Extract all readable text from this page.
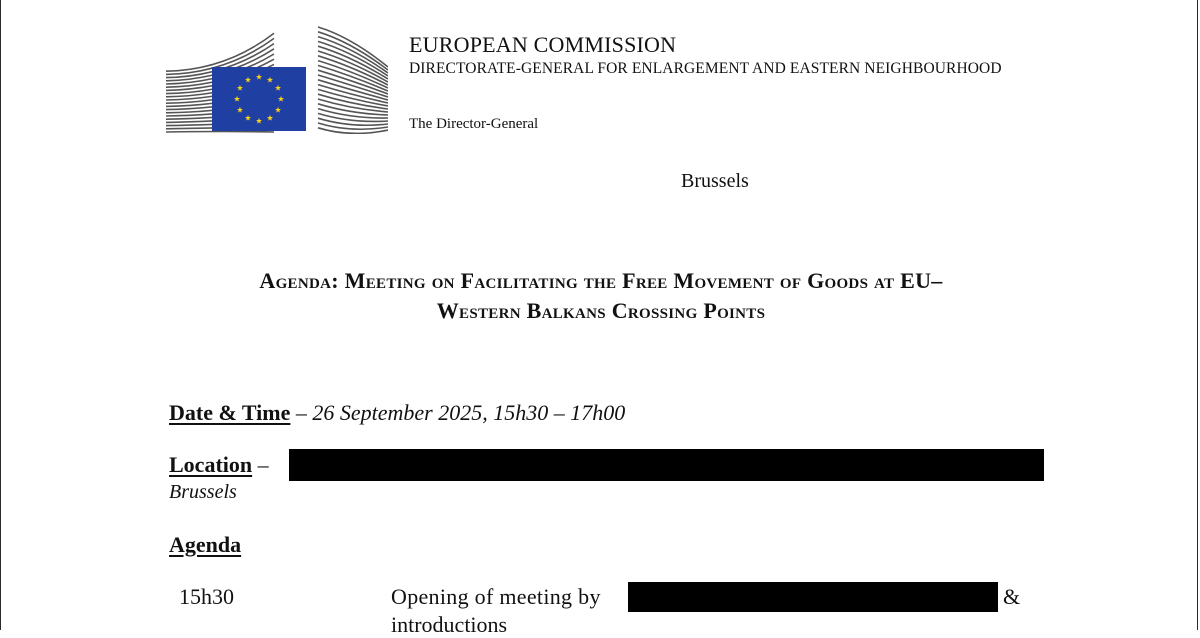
EUROPEAN COMMISSION
DIRECTORATE-GENERAL FOR ENLARGEMENT AND EASTERN NEIGHBOURHOOD
The Director-General
Brussels
Agenda: Meeting on Facilitating the Free Movement of Goods at EU–
Western Balkans Crossing Points
Date & Time – 26 September 2025, 15h30 – 17h00
Location –
Brussels
Agenda
15h30	Opening of meeting by	&
introductions
